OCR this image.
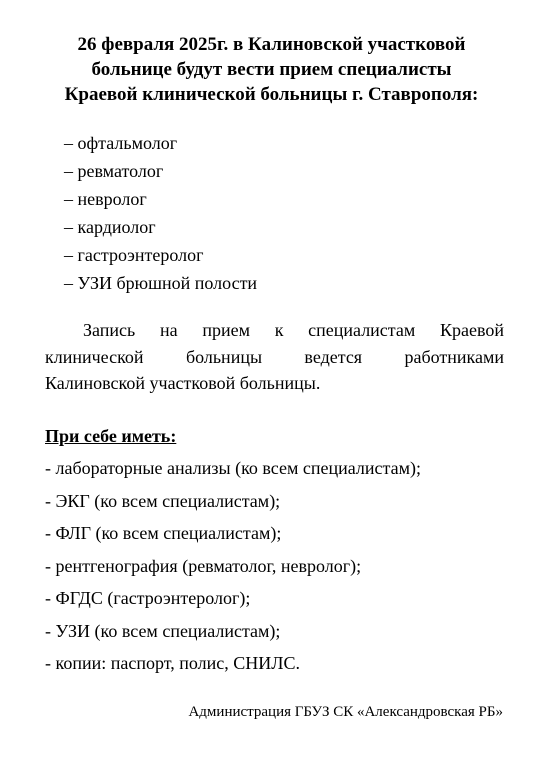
26 февраля 2025г. в Калиновской участковой
больнице будут вести прием специалисты
Краевой клинической больницы г. Ставрополя:
– офтальмолог
– ревматолог
– невролог
– кардиолог
– гастроэнтеролог
– УЗИ брюшной полости
Запись на прием к специалистам Краевой
клинической больницы ведется работниками
Калиновской участковой больницы.
При себе иметь:
- лабораторные анализы (ко всем специалистам);
- ЭКГ (ко всем специалистам);
- ФЛГ (ко всем специалистам);
- рентгенография (ревматолог, невролог);
- ФГДС (гастроэнтеролог);
- УЗИ (ко всем специалистам);
- копии: паспорт, полис, СНИЛС.
Администрация ГБУЗ СК «Александровская РБ»
